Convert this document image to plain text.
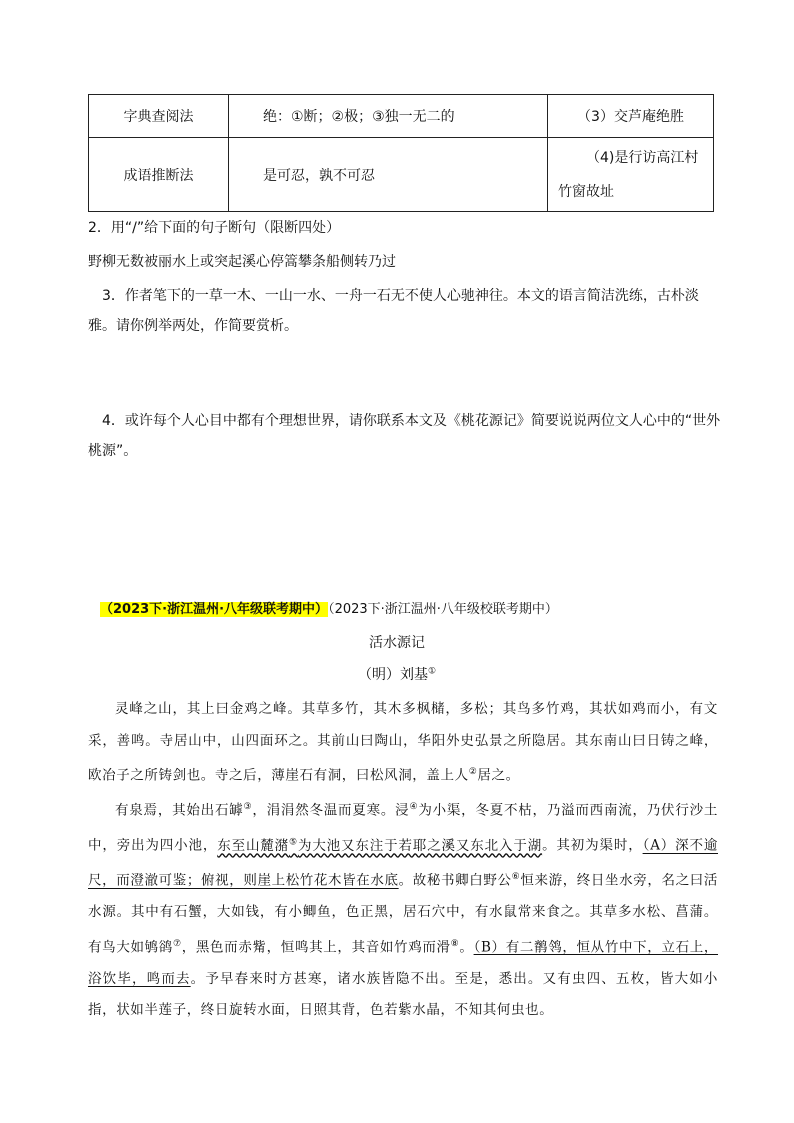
字典查阅法	绝：①断；②极；③独一无二的	（3）交芦庵绝胜
成语推断法	是可忍，孰不可忍	（4)是行访高江村竹窗故址
2．用“/”给下面的句子断句（限断四处）
野柳无数被丽水上或突起溪心停篙攀条船侧转乃过
3．作者笔下的一草一木、一山一水、一舟一石无不使人心驰神往。本文的语言简洁洗练，古朴淡雅。请你例举两处，作简要赏析。
4．或许每个人心目中都有个理想世界，请你联系本文及《桃花源记》简要说说两位文人心中的“世外桃源”。
（2023下·浙江温州·八年级联考期中）（2023下·浙江温州·八年级校联考期中）
活水源记
（明）刘基①

灵峰之山，其上曰金鸡之峰。其草多竹，其木多枫槠，多松；其鸟多竹鸡，其状如鸡而小，有文采，善鸣。寺居山中，山四面环之。其前山曰陶山，华阳外史弘景之所隐居。其东南山曰日铸之峰，欧冶子之所铸剑也。寺之后，薄崖石有洞，曰松风洞，盖上人②居之。

有泉焉，其始出石罅③，涓涓然冬温而夏寒。浸④为小渠，冬夏不枯，乃溢而西南流，乃伏行沙土中，旁出为四小池，东至山麓潴⑤为大池又东注于若耶之溪又东北入于湖。其初为渠时，（A）深不逾尺，而澄澈可鉴；俯视，则崖上松竹花木皆在水底。故秘书卿白野公⑥恒来游，终日坐水旁，名之曰活水源。其中有石蟹，大如钱，有小鲫鱼，色正黑，居石穴中，有水鼠常来食之。其草多水松、菖蒲。有鸟大如鸲鹆⑦，黑色而赤觜，恒鸣其上，其音如竹鸡而滑⑧。（B）有二鹡鸰，恒从竹中下，立石上，浴饮毕，鸣而去。予早春来时方甚寒，诸水族皆隐不出。至是，悉出。又有虫四、五枚，皆大如小指，状如半莲子，终日旋转水面，日照其背，色若紫水晶，不知其何虫也。
